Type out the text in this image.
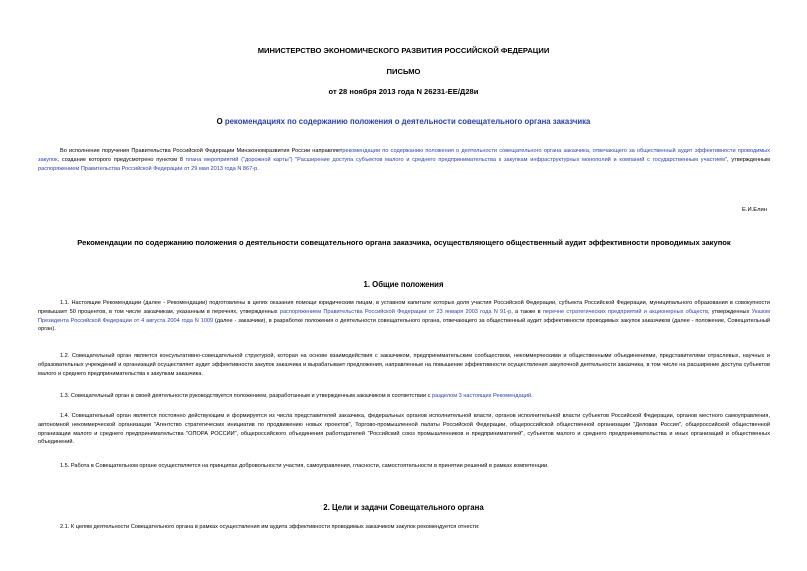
МИНИСТЕРСТВО ЭКОНОМИЧЕСКОГО РАЗВИТИЯ РОССИЙСКОЙ ФЕДЕРАЦИИ
ПИСЬМО
от 28 ноября 2013 года N 26231-ЕЕ/Д28и
О рекомендациях по содержанию положения о деятельности совещательного органа заказчика
Во исполнение поручения Правительства Российской Федерации Минэкономразвития России направляетрекомендации по содержанию положения о деятельности совещательного органа заказчика, отвечающего за общественный аудит эффективности проводимых закупок, создание которого предусмотрено пунктом 8 плана мероприятий ("дорожной карты") "Расширение доступа субъектов малого и среднего предпринимательства к закупкам инфраструктурных монополий и компаний с государственным участием", утвержденным распоряжением Правительства Российской Федерации от 29 мая 2013 года N 867-р.
Е.И.Елин
Рекомендации по содержанию положения о деятельности совещательного органа заказчика, осуществляющего общественный аудит эффективности проводимых закупок
1. Общие положения
1.1. Настоящие Рекомендации (далее - Рекомендации) подготовлены в целях оказания помощи юридическим лицам, в уставном капитале которых доля участия Российской Федерации, субъекта Российской Федерации, муниципального образования в совокупности превышает 50 процентов, в том числе заказчикам, указанным в перечнях, утвержденных распоряжением Правительства Российской Федерации от 23 января 2003 года N 91-р, а также в перечне стратегических предприятий и акционерных обществ, утвержденных Указом Президента Российской Федерации от 4 августа 2004 года N 1009 (далее - заказчики), в разработке положения о деятельности совещательного органа, отвечающего за общественный аудит эффективности проводимых закупок заказчиков (далее - положение, Совещательный орган).
1.2. Совещательный орган является консультативно-совещательной структурой, которая на основе взаимодействия с заказчиком, предпринимательским сообществом, некоммерческими и общественными объединениями, представителями отраслевых, научных и образовательных учреждений и организаций осуществляет аудит эффективности закупок заказчика и вырабатывает предложения, направленные на повышение эффективности осуществления закупочной деятельности заказчика, в том числе на расширение доступа субъектов малого и среднего предпринимательства к закупкам заказчика.
1.3. Совещательный орган в своей деятельности руководствуется положением, разработанным и утвержденным заказчиком в соответствии с разделом 3 настоящих Рекомендаций.
1.4. Совещательный орган является постоянно действующим и формируется из числа представителей заказчика, федеральных органов исполнительной власти, органов исполнительной власти субъектов Российской Федерации, органов местного самоуправления, автономной некоммерческой организации "Агентство стратегических инициатив по продвижению новых проектов", Торгово-промышленной палаты Российской Федерации, общероссийской общественной организации "Деловая Россия", общероссийской общественной организации малого и среднего предпринимательства "ОПОРА РОССИИ", общероссийского объединения работодателей "Российский союз промышленников и предпринимателей", субъектов малого и среднего предпринимательства и иных организаций и общественных объединений.
1.5. Работа в Совещательном органе осуществляется на принципах добровольности участия, самоуправления, гласности, самостоятельности в принятии решений в рамках компетенции.
2. Цели и задачи Совещательного органа
2.1. К целям деятельности Совещательного органа в рамках осуществления им аудита эффективности проводимых заказчиком закупок рекомендуется отнести:
